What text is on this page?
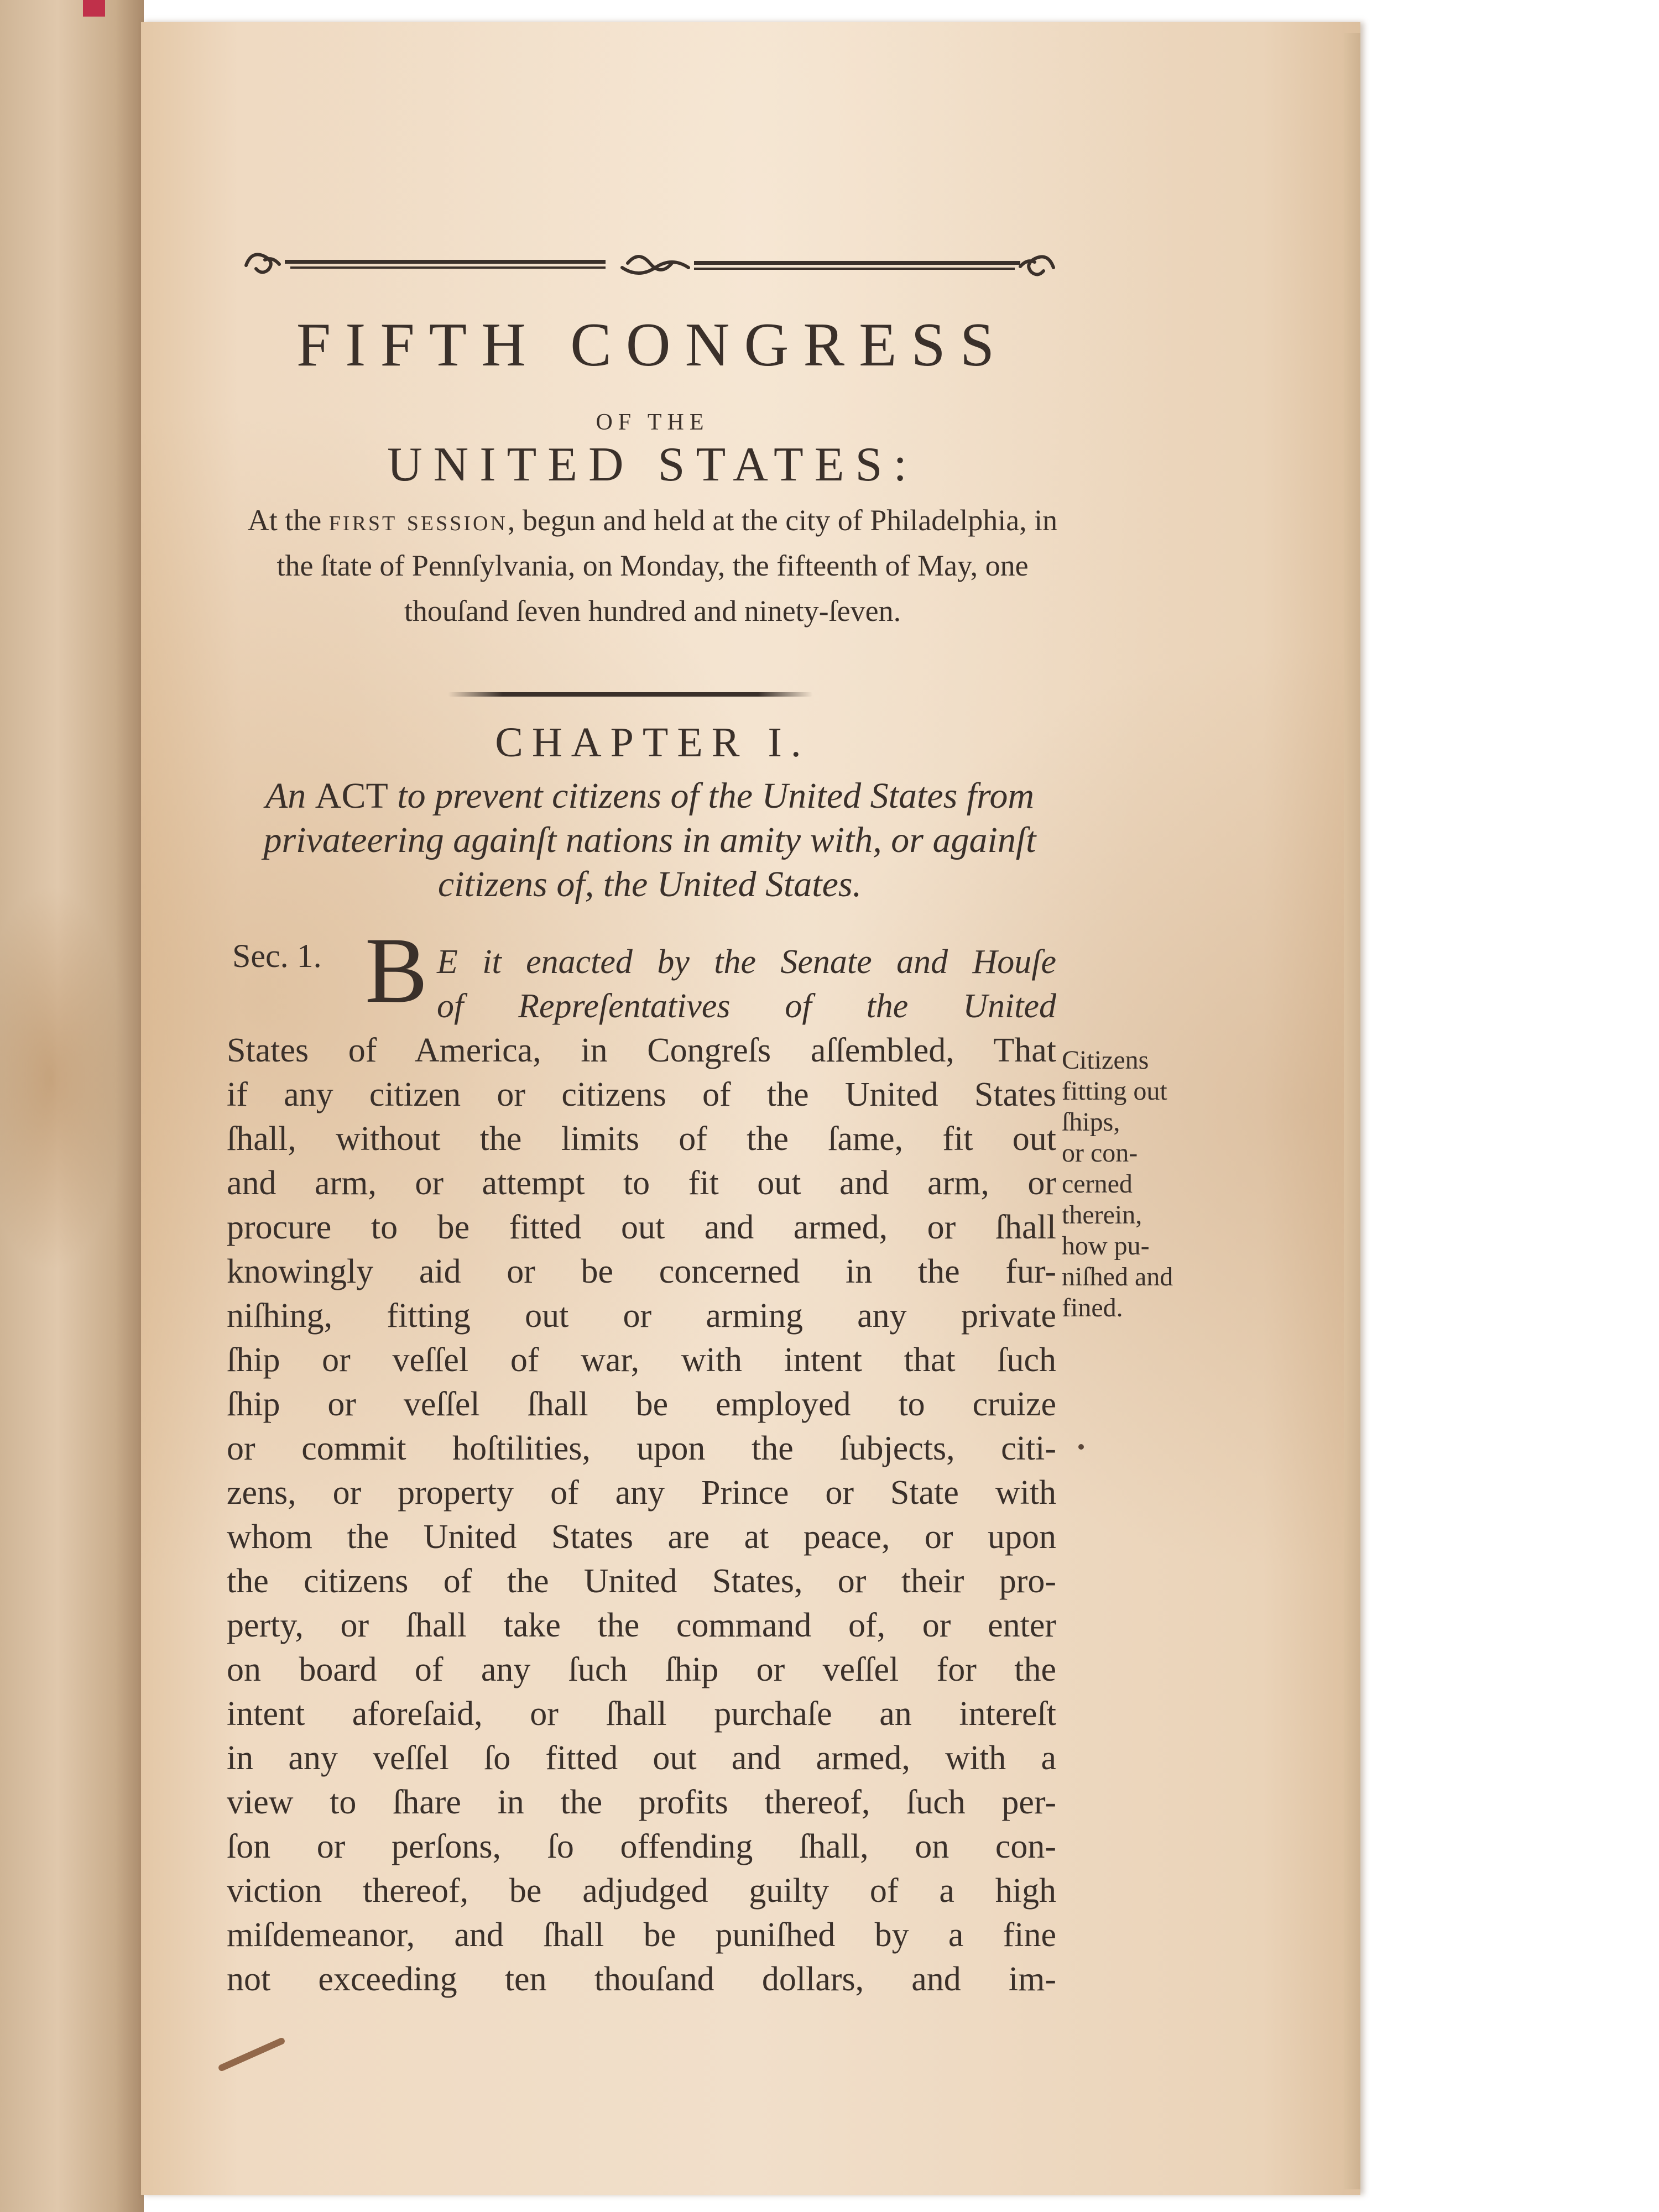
FIFTH CONGRESS
OF THE
UNITED STATES:
At the first session, begun and held at the city of Philadelphia, in the ſtate of Pennſylvania, on Monday, the fifteenth of May, one thouſand ſeven hundred and ninety-ſeven.
CHAPTER I.
An ACT to prevent citizens of the United States from privateering againſt nations in amity with, or againſt citizens of, the United States.
Sec. 1. B E it enacted by the Senate and Houſe
of Repreſentatives of the United
States of America, in Congreſs aſſembled, That
if any citizen or citizens of the United States
ſhall, without the limits of the ſame, fit out
and arm, or attempt to fit out and arm, or
procure to be fitted out and armed, or ſhall
knowingly aid or be concerned in the fur-
niſhing, fitting out or arming any private
ſhip or veſſel of war, with intent that ſuch
ſhip or veſſel ſhall be employed to cruize
or commit hoſtilities, upon the ſubjects, citi-
zens, or property of any Prince or State with
whom the United States are at peace, or upon
the citizens of the United States, or their pro-
perty, or ſhall take the command of, or enter
on board of any ſuch ſhip or veſſel for the
intent aforeſaid, or ſhall purchaſe an intereſt
in any veſſel ſo fitted out and armed, with a
view to ſhare in the profits thereof, ſuch per-
ſon or perſons, ſo offending ſhall, on con-
viction thereof, be adjudged guilty of a high
miſdemeanor, and ſhall be puniſhed by a fine
not exceeding ten thouſand dollars, and im-
Citizens
fitting out
ſhips,
or con-
cerned
therein,
how pu-
niſhed and
fined.
